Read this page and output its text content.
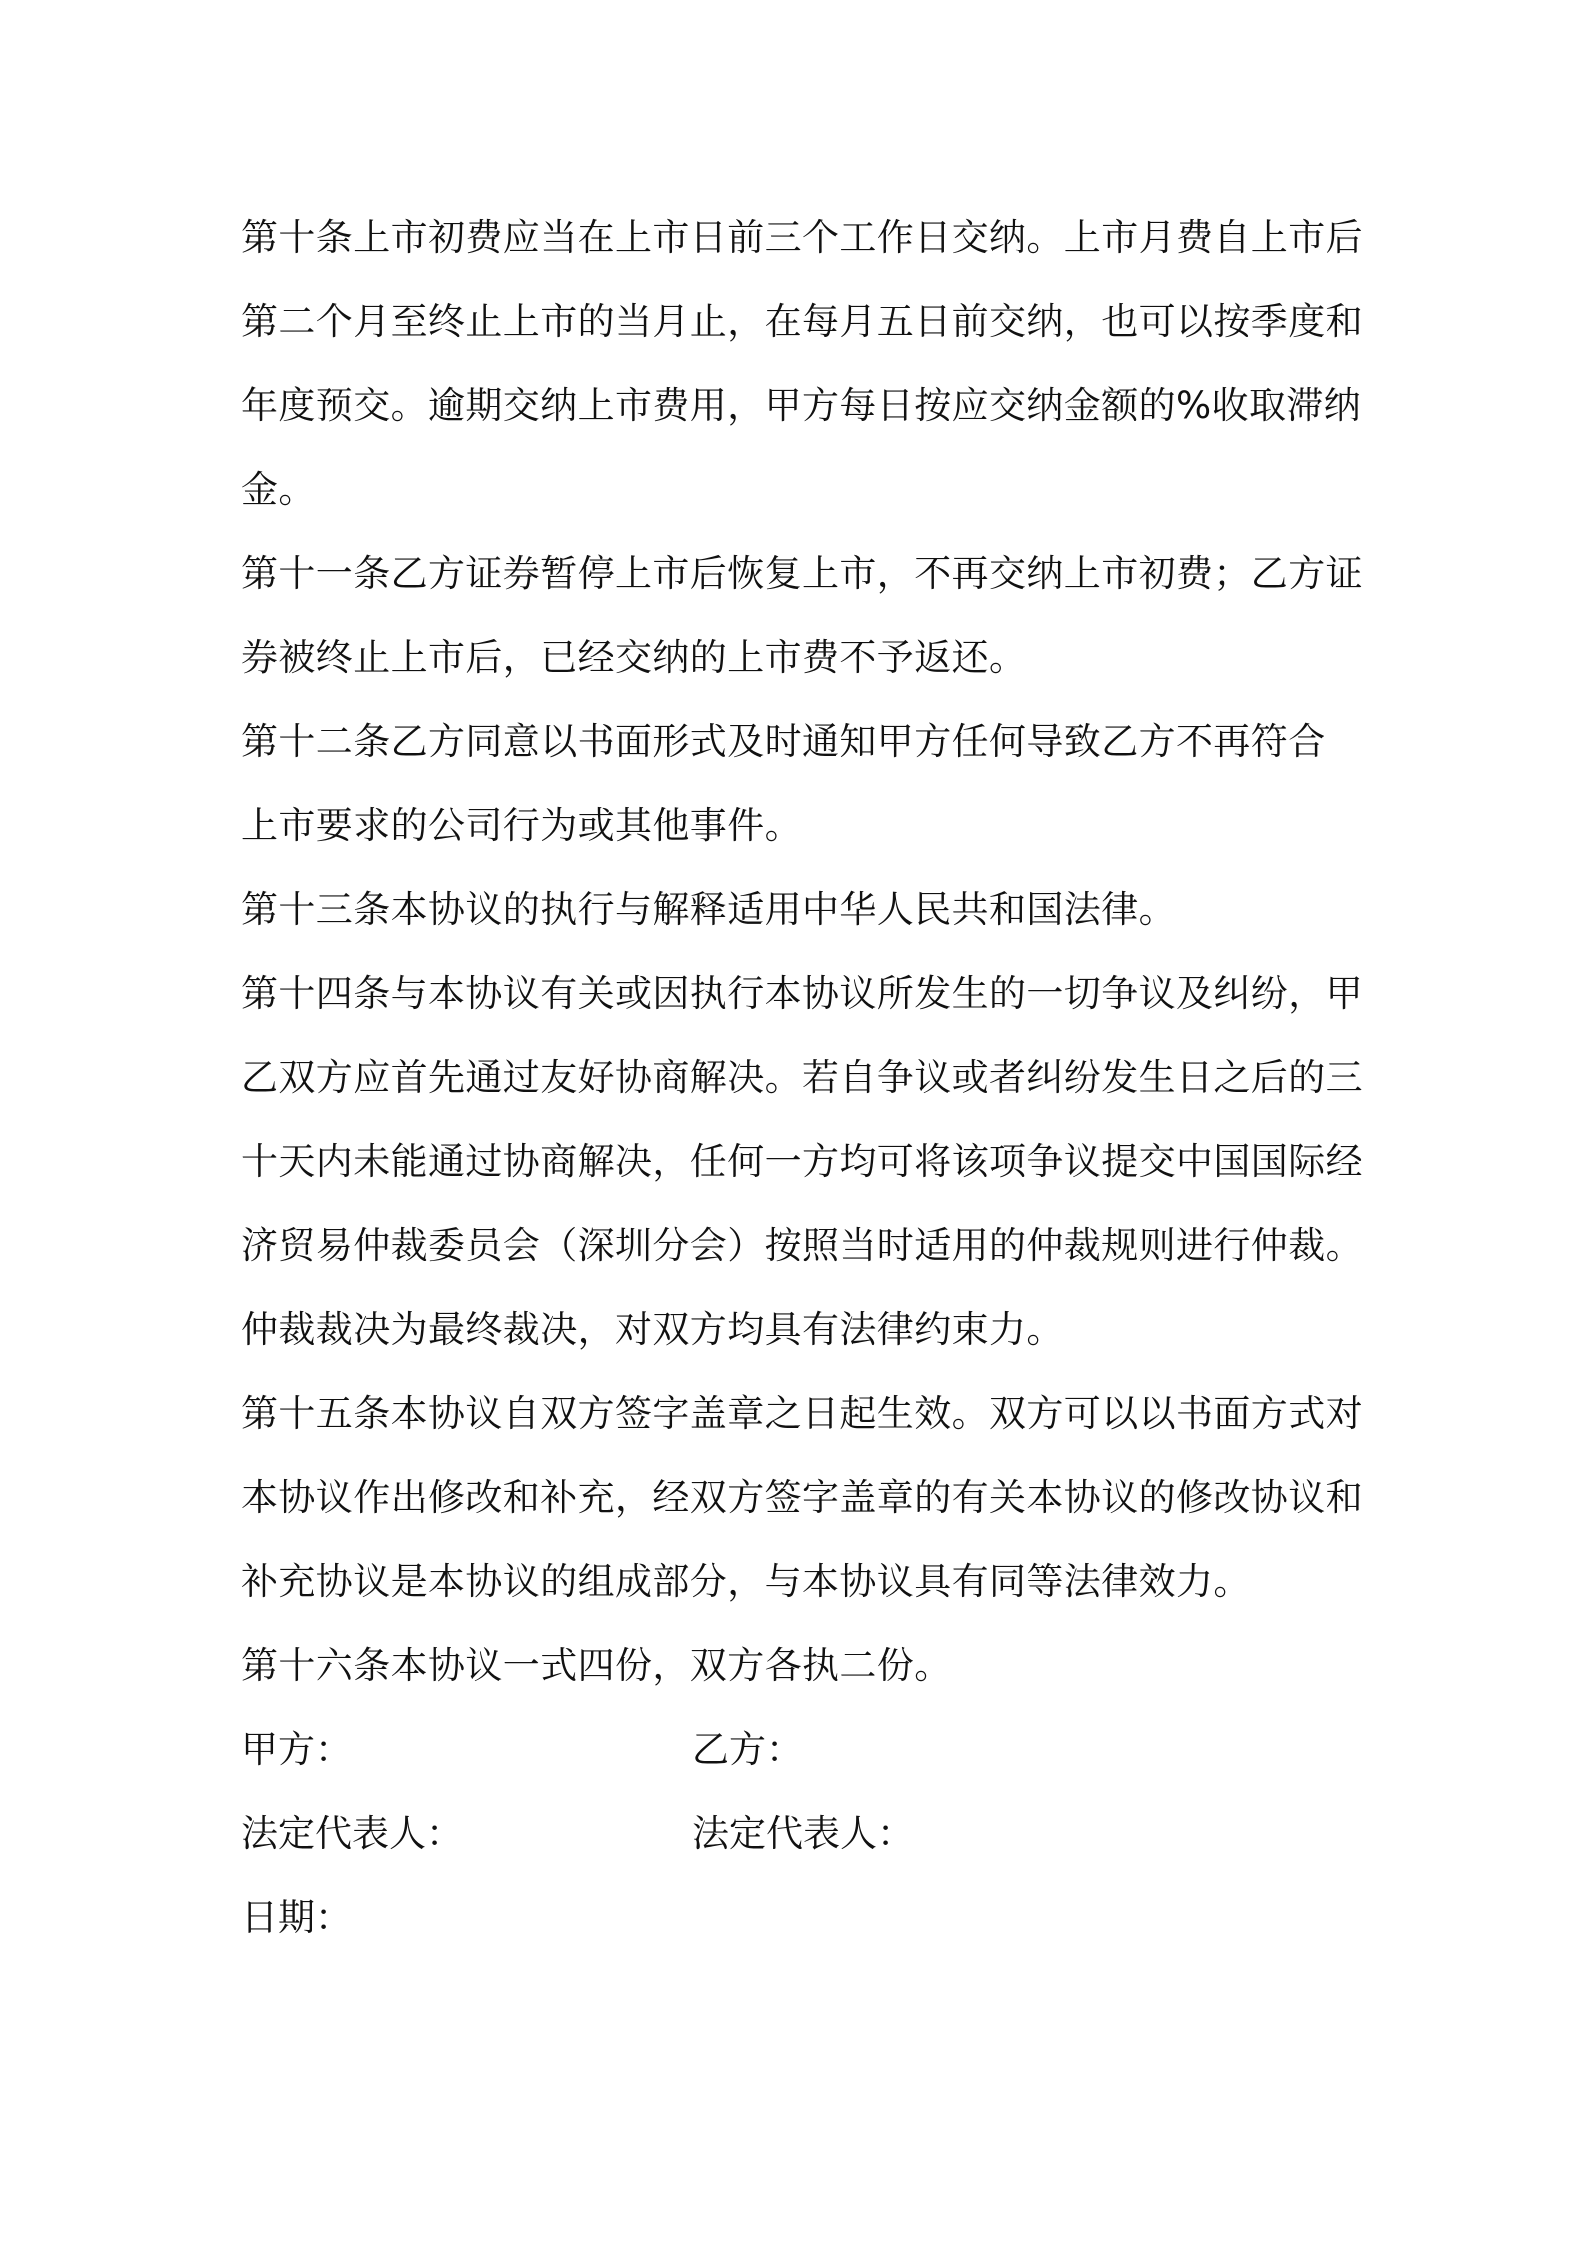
第十条上市初费应当在上市日前三个工作日交纳。上市月费自上市后
第二个月至终止上市的当月止，在每月五日前交纳，也可以按季度和
年度预交。逾期交纳上市费用，甲方每日按应交纳金额的%收取滞纳
金。
第十一条乙方证券暂停上市后恢复上市，不再交纳上市初费；乙方证
券被终止上市后，已经交纳的上市费不予返还。
第十二条乙方同意以书面形式及时通知甲方任何导致乙方不再符合
上市要求的公司行为或其他事件。
第十三条本协议的执行与解释适用中华人民共和国法律。
第十四条与本协议有关或因执行本协议所发生的一切争议及纠纷，甲
乙双方应首先通过友好协商解决。若自争议或者纠纷发生日之后的三
十天内未能通过协商解决，任何一方均可将该项争议提交中国国际经
济贸易仲裁委员会（深圳分会）按照当时适用的仲裁规则进行仲裁。
仲裁裁决为最终裁决，对双方均具有法律约束力。
第十五条本协议自双方签字盖章之日起生效。双方可以以书面方式对
本协议作出修改和补充，经双方签字盖章的有关本协议的修改协议和
补充协议是本协议的组成部分，与本协议具有同等法律效力。
第十六条本协议一式四份，双方各执二份。
甲方：	乙方：
法定代表人：	法定代表人：
日期：
